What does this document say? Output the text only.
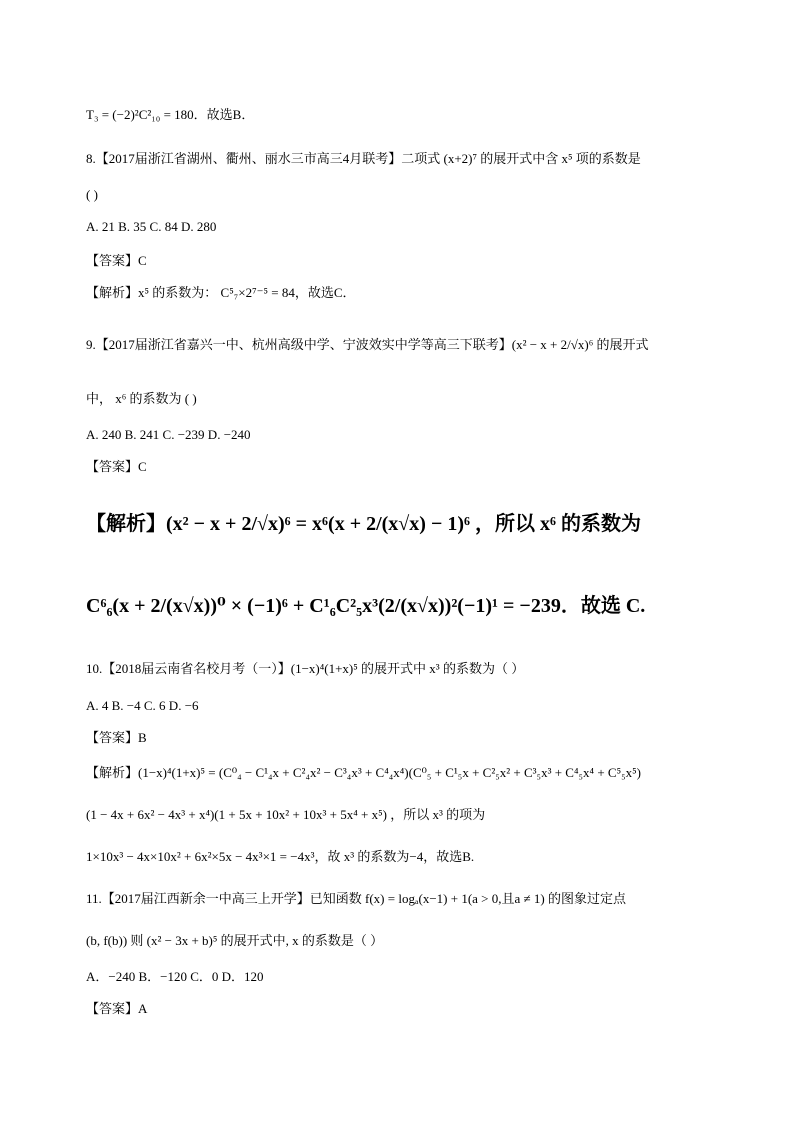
T₃ = (−2)²C²₁₀ = 180．故选B．
8.【2017届浙江省湖州、衢州、丽水三市高三4月联考】二项式 (x+2)⁷ 的展开式中含 x⁵ 项的系数是
( )
A. 21 B. 35 C. 84 D. 280
【答案】C
【解析】x⁵ 的系数为： C⁵₇×2⁷⁻⁵ = 84，故选C．
9.【2017届浙江省嘉兴一中、杭州高级中学、宁波效实中学等高三下联考】(x² − x + 2/√x)⁶ 的展开式
中， x⁶ 的系数为 ( )
A. 240 B. 241 C. −239 D. −240
【答案】C
【解析】(x² − x + 2/√x)⁶ = x⁶(x + 2/(x√x) − 1)⁶ ，所以 x⁶ 的系数为
C⁶₆(x + 2/(x√x))⁰ × (−1)⁶ + C¹₆C²₅x³(2/(x√x))²(−1)¹ = −239．故选 C.
10.【2018届云南省名校月考（一）】(1−x)⁴(1+x)⁵ 的展开式中 x³ 的系数为（ ）
A. 4 B. −4 C. 6 D. −6
【答案】B
【解析】(1−x)⁴(1+x)⁵ = (C⁰₄ − C¹₄x + C²₄x² − C³₄x³ + C⁴₄x⁴)(C⁰₅ + C¹₅x + C²₅x² + C³₅x³ + C⁴₅x⁴ + C⁵₅x⁵)
(1 − 4x + 6x² − 4x³ + x⁴)(1 + 5x + 10x² + 10x³ + 5x⁴ + x⁵) ，所以 x³ 的项为
1×10x³ − 4x×10x² + 6x²×5x − 4x³×1 = −4x³，故 x³ 的系数为−4，故选B.
11.【2017届江西新余一中高三上开学】已知函数 f(x) = logₐ(x−1) + 1(a > 0,且a ≠ 1) 的图象过定点
(b, f(b)) 则 (x² − 3x + b)⁵ 的展开式中, x 的系数是（ ）
A．−240 B．−120 C．0 D．120
【答案】A
